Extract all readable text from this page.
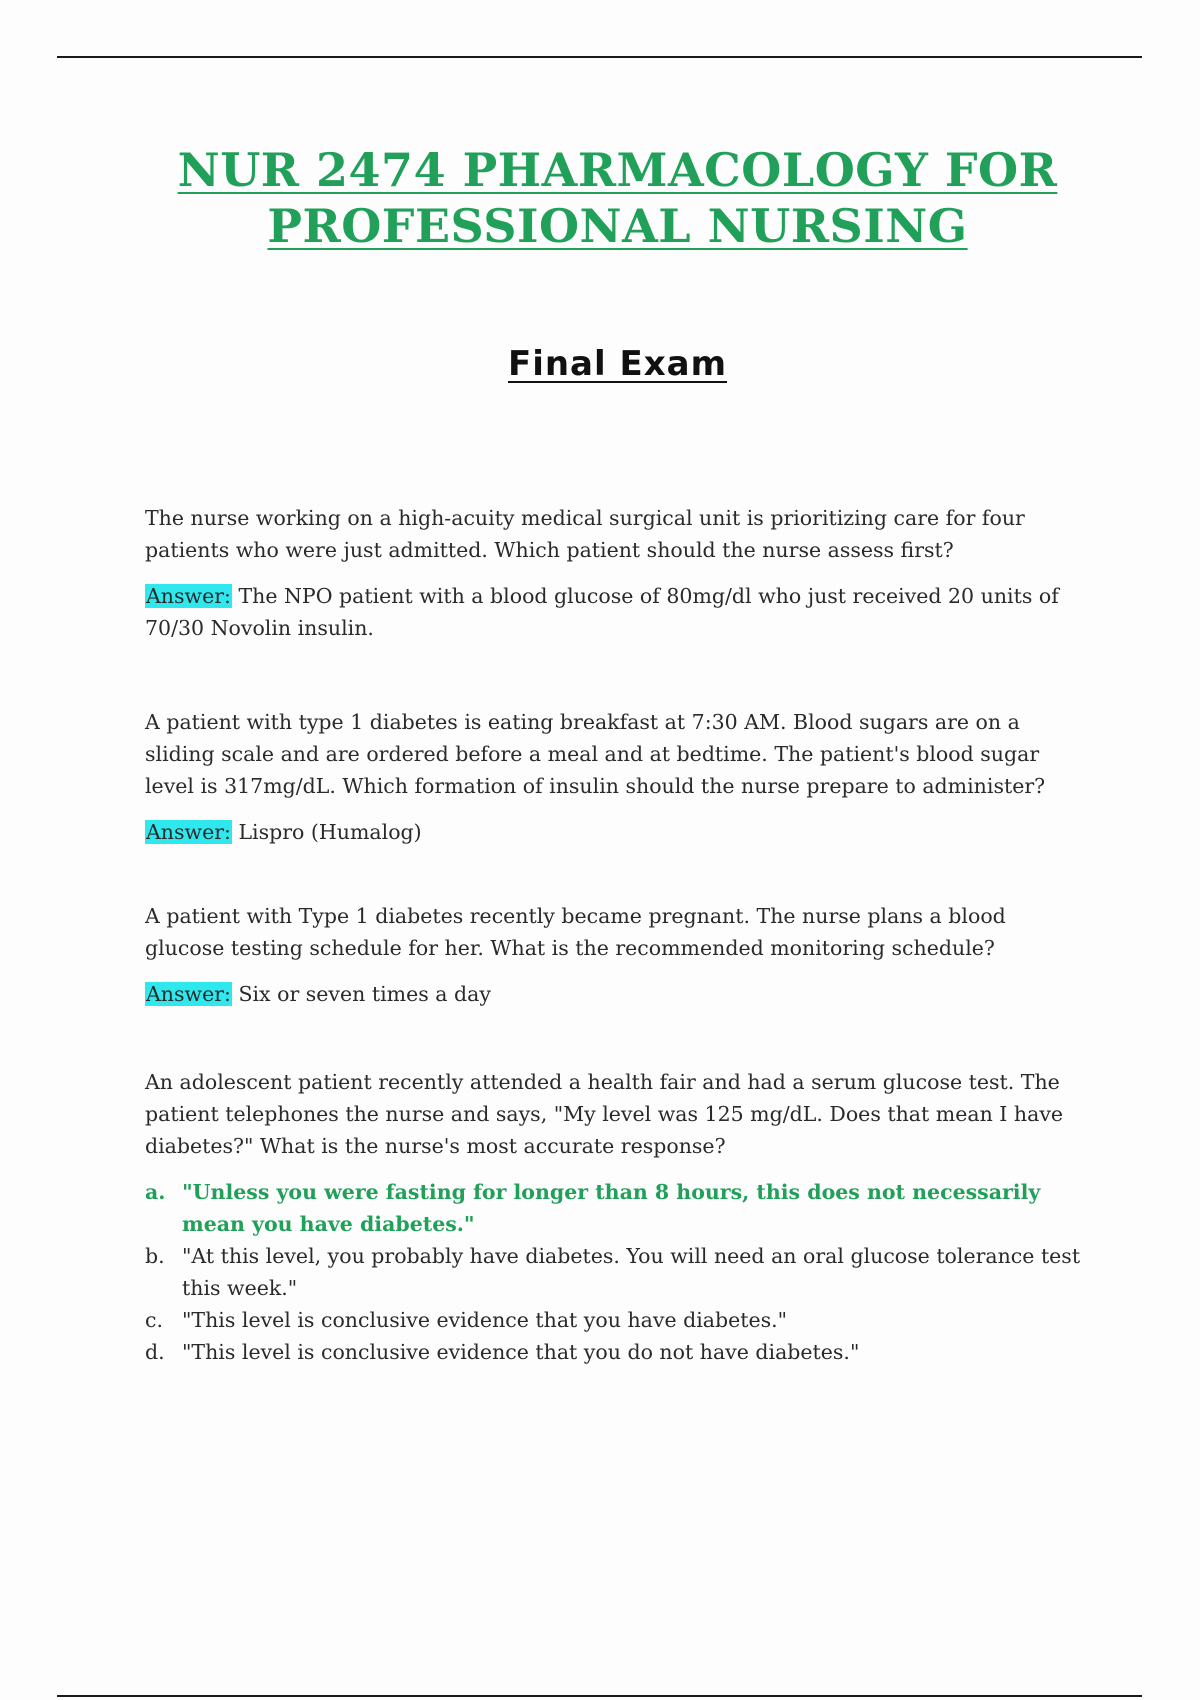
NUR 2474 PHARMACOLOGY FOR
PROFESSIONAL NURSING
Final Exam

The nurse working on a high-acuity medical surgical unit is prioritizing care for four patients who were just admitted. Which patient should the nurse assess first?

Answer: The NPO patient with a blood glucose of 80mg/dl who just received 20 units of 70/30 Novolin insulin.

A patient with type 1 diabetes is eating breakfast at 7:30 AM. Blood sugars are on a sliding scale and are ordered before a meal and at bedtime. The patient's blood sugar level is 317mg/dL. Which formation of insulin should the nurse prepare to administer?

Answer: Lispro (Humalog)

A patient with Type 1 diabetes recently became pregnant. The nurse plans a blood glucose testing schedule for her. What is the recommended monitoring schedule?

Answer: Six or seven times a day

An adolescent patient recently attended a health fair and had a serum glucose test. The patient telephones the nurse and says, "My level was 125 mg/dL. Does that mean I have diabetes?" What is the nurse's most accurate response?

a. "Unless you were fasting for longer than 8 hours, this does not necessarily mean you have diabetes."
b. "At this level, you probably have diabetes. You will need an oral glucose tolerance test this week."
c. "This level is conclusive evidence that you have diabetes."
d. "This level is conclusive evidence that you do not have diabetes."
